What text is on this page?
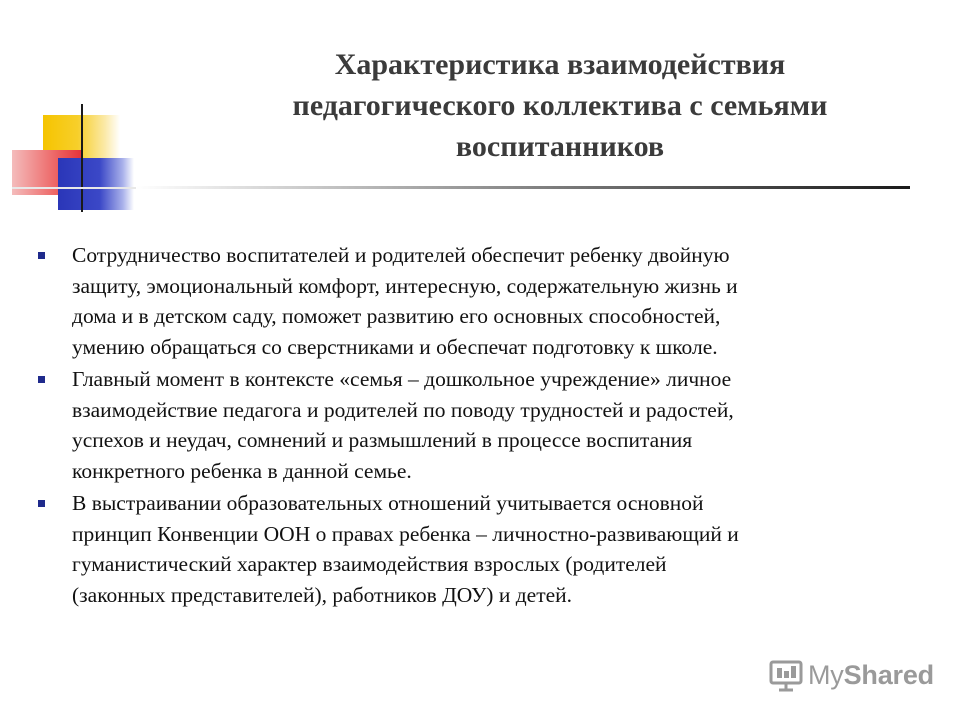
Характеристика взаимодействия
педагогического коллектива с семьями
воспитанников
Сотрудничество воспитателей и родителей обеспечит ребенку двойную
защиту, эмоциональный комфорт, интересную, содержательную жизнь и
дома и в детском саду, поможет развитию его основных способностей,
умению обращаться со сверстниками и обеспечат подготовку к школе.
Главный момент в контексте «семья – дошкольное учреждение» личное
взаимодействие педагога и родителей по поводу трудностей и радостей,
успехов и неудач, сомнений и размышлений в процессе воспитания
конкретного ребенка в данной семье.
В выстраивании образовательных отношений учитывается основной
принцип Конвенции ООН о правах ребенка – личностно-развивающий и
гуманистический характер взаимодействия взрослых (родителей
(законных представителей), работников ДОУ) и детей.
MyShared
